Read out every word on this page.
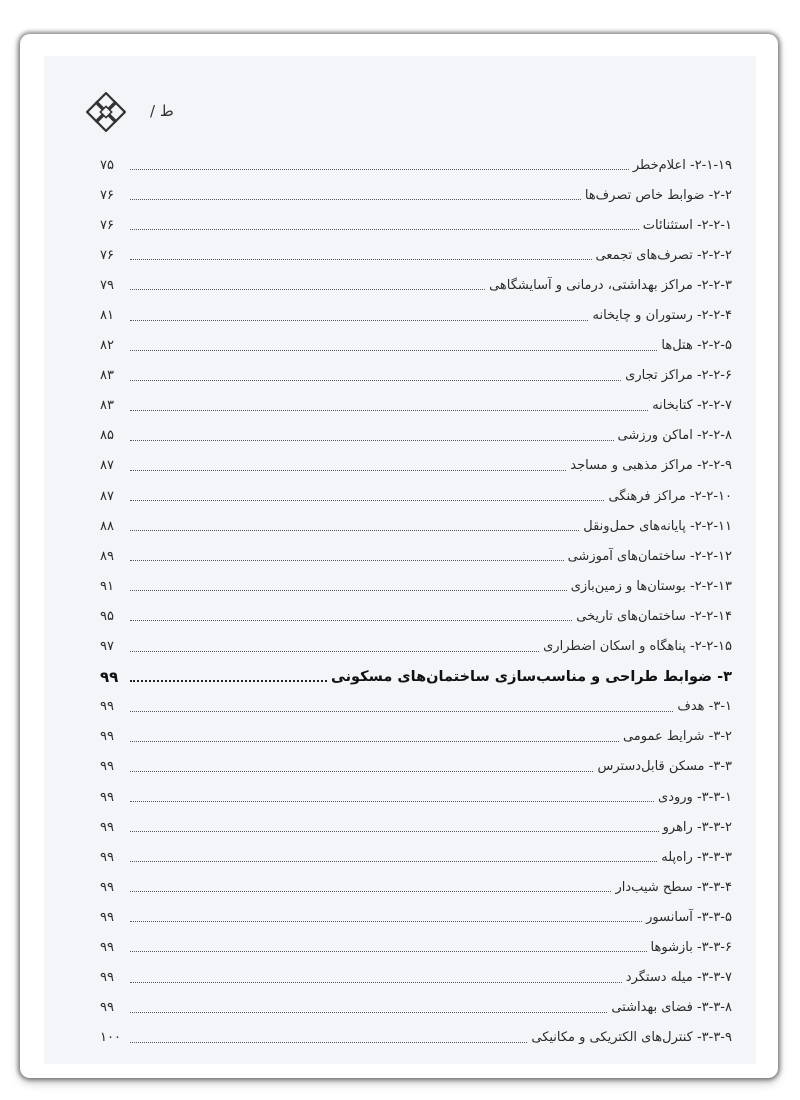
ط /
۲-۱-۱۹- اعلام‌خطر
۷۵
۲-۲- ضوابط خاص تصرف‌ها
۷۶
۲-۲-۱- استثنائات
۷۶
۲-۲-۲- تصرف‌های تجمعی
۷۶
۲-۲-۳- مراکز بهداشتی، درمانی و آسایشگاهی
۷۹
۲-۲-۴- رستوران و چایخانه
۸۱
۲-۲-۵- هتل‌ها
۸۲
۲-۲-۶- مراکز تجاری
۸۳
۲-۲-۷- کتابخانه
۸۳
۲-۲-۸- اماکن ورزشی
۸۵
۲-۲-۹- مراکز مذهبی و مساجد
۸۷
۲-۲-۱۰- مراکز فرهنگی
۸۷
۲-۲-۱۱- پایانه‌های حمل‌ونقل
۸۸
۲-۲-۱۲- ساختمان‌های آموزشی
۸۹
۲-۲-۱۳- بوستان‌ها و زمین‌بازی
۹۱
۲-۲-۱۴- ساختمان‌های تاریخی
۹۵
۲-۲-۱۵- پناهگاه و اسکان اضطراری
۹۷
۳- ضوابط طراحی و مناسب‌سازی ساختمان‌های مسکونی
۹۹
۳-۱- هدف
۹۹
۳-۲- شرایط عمومی
۹۹
۳-۳- مسکن قابل‌دسترس
۹۹
۳-۳-۱- ورودی
۹۹
۳-۳-۲- راهرو
۹۹
۳-۳-۳- راه‌پله
۹۹
۳-۳-۴- سطح شیب‌دار
۹۹
۳-۳-۵- آسانسور
۹۹
۳-۳-۶- بازشوها
۹۹
۳-۳-۷- میله دستگرد
۹۹
۳-۳-۸- فضای بهداشتی
۹۹
۳-۳-۹- کنترل‌های الکتریکی و مکانیکی
۱۰۰
